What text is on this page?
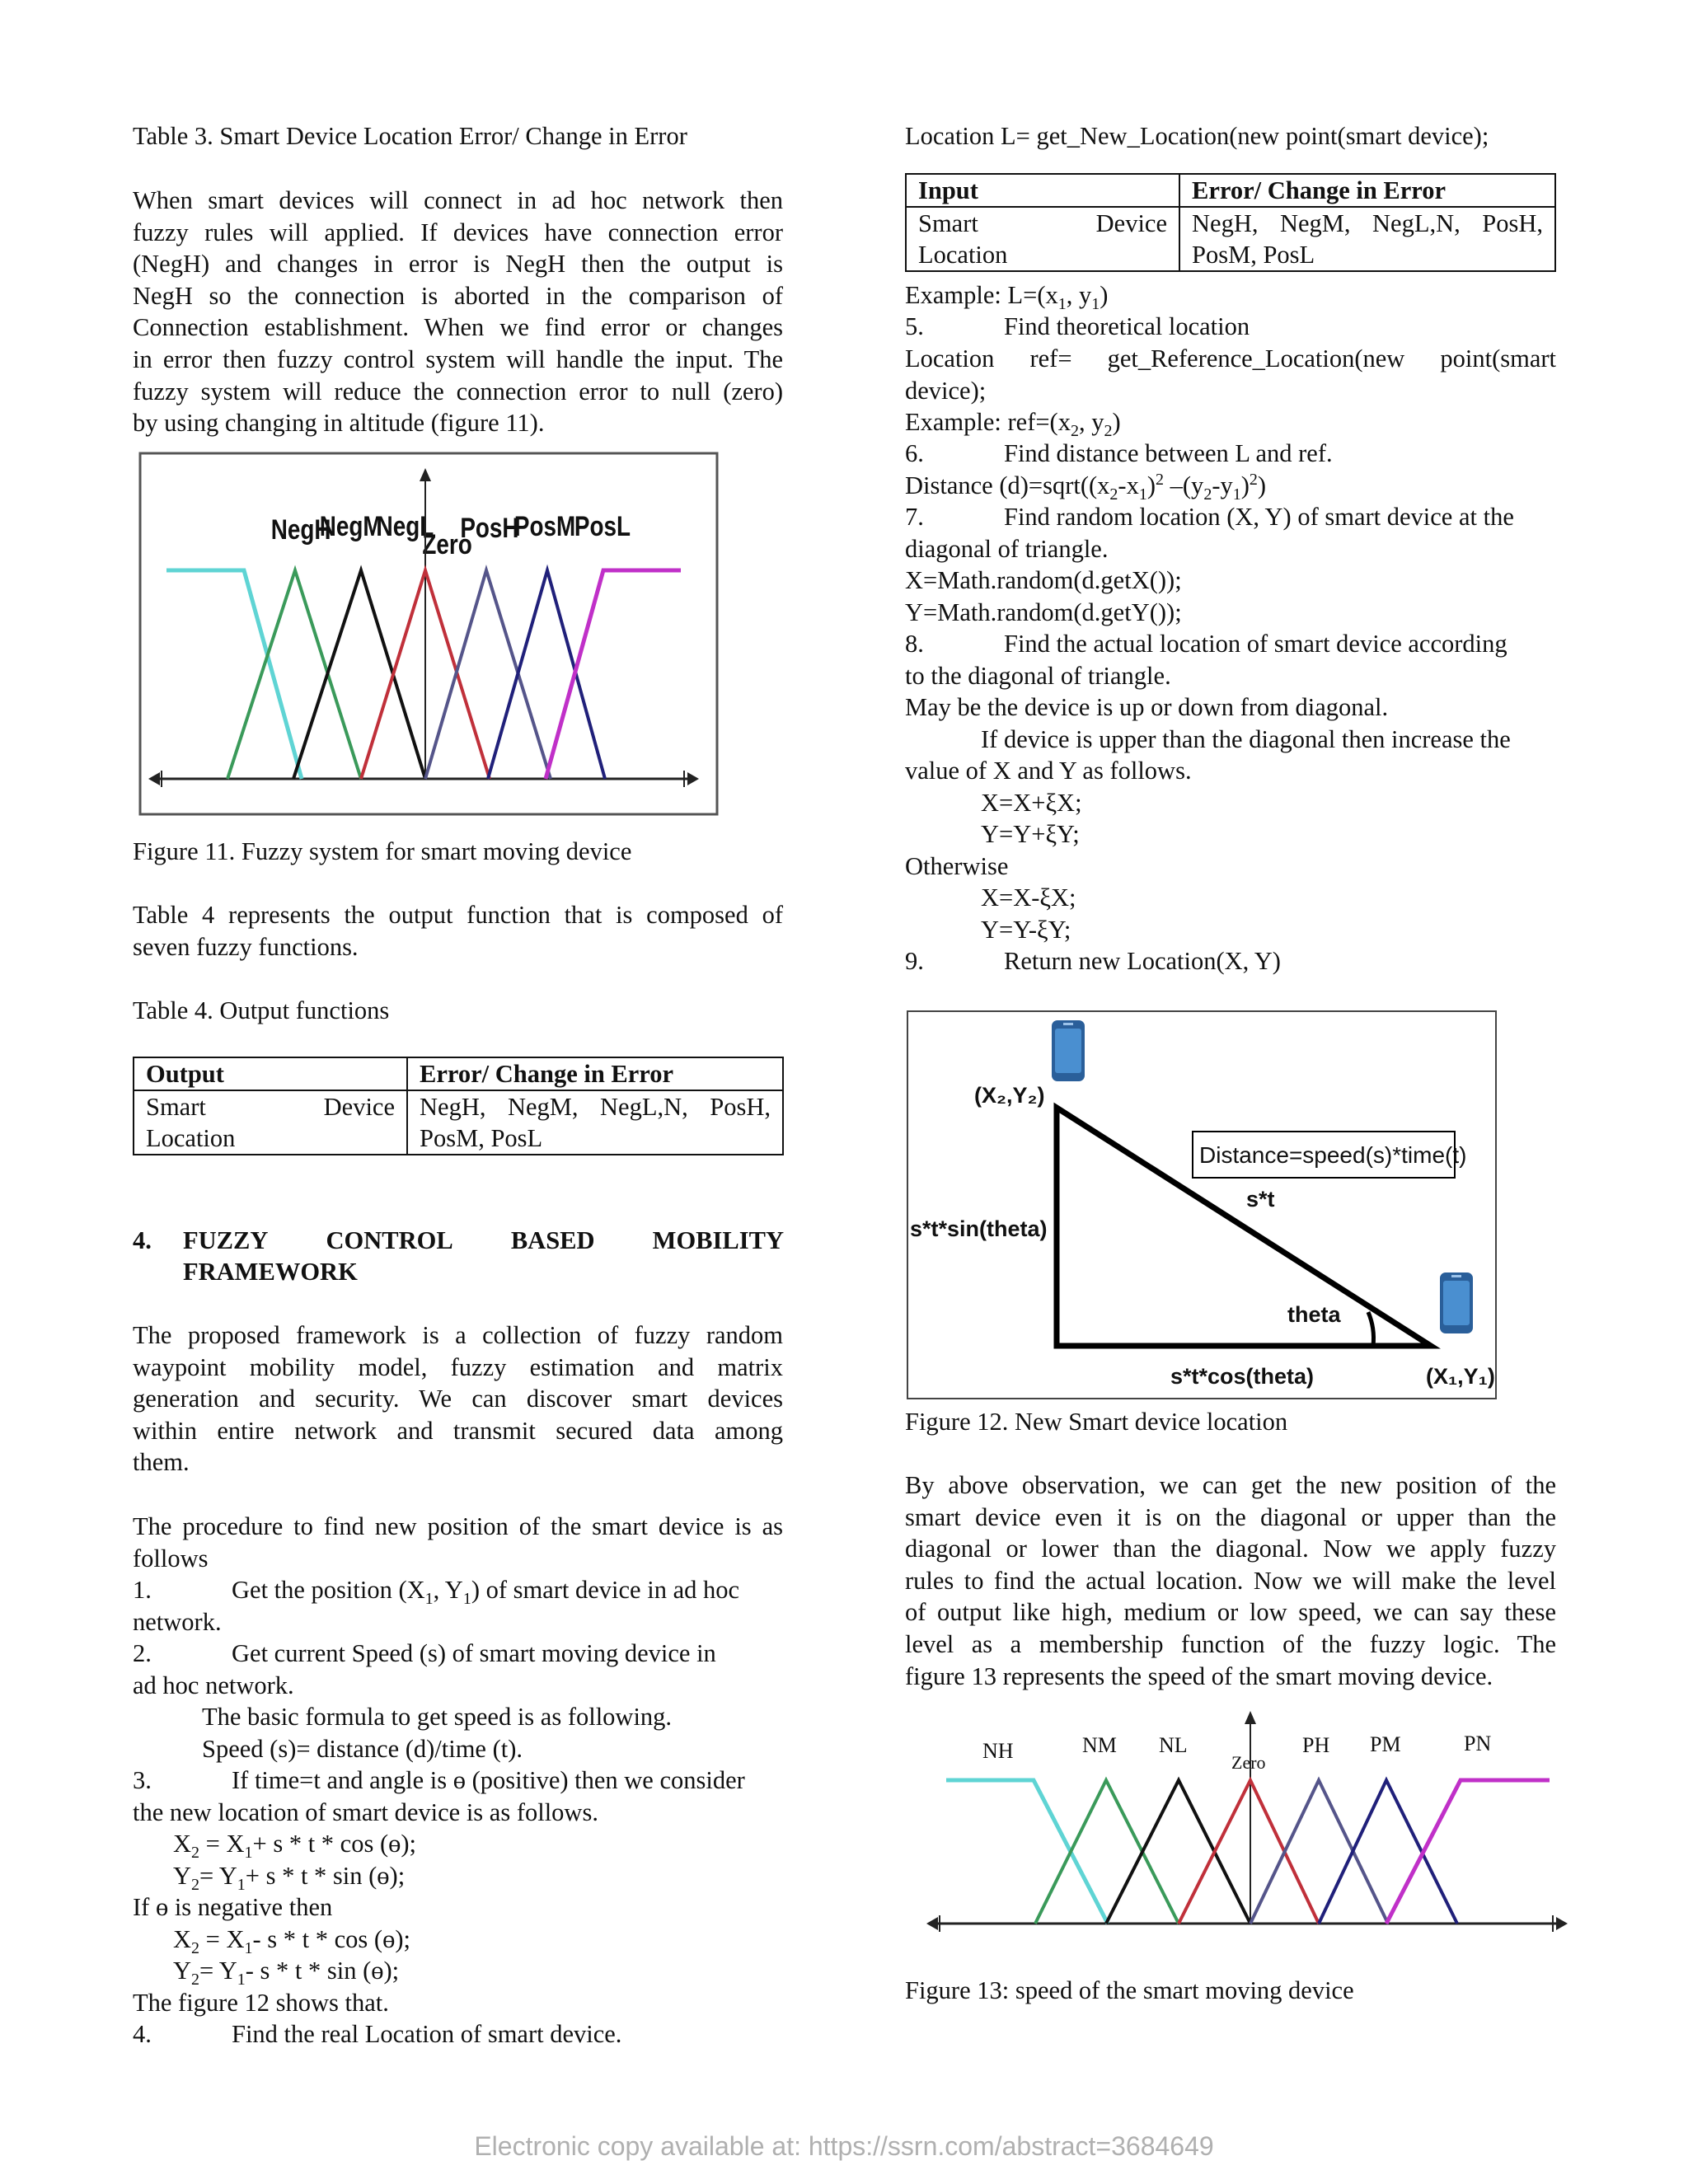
Table 3. Smart Device Location Error/ Change in Error
When smart devices will connect in ad hoc network then
fuzzy rules will applied. If devices have connection error
(NegH) and changes in error is NegH then the output is
NegH so the connection is aborted in the comparison of
Connection establishment. When we find error or changes
in error then fuzzy control system will handle the input. The
fuzzy system will reduce the connection error to null (zero)
by using changing in altitude (figure 11).
NegH
NegM
NegL
Zero
PosH
PosM
PosL
Figure 11. Fuzzy system for smart moving device
Table 4 represents the output function that is composed of
seven fuzzy functions.
Table 4. Output functions
Output	Error/ Change in Error

Smart Device
Location	NegH, NegM, NegL,N, PosH,
PosM, PosL
4. FUZZY CONTROL BASED MOBILITY
FRAMEWORK
The proposed framework is a collection of fuzzy random
waypoint mobility model, fuzzy estimation and matrix
generation and security. We can discover smart devices
within entire network and transmit secured data among
them.
The procedure to find new position of the smart device is as
follows
1.	Get the position ($X_1$, $Y_1$) of smart device in ad hoc
network.
2.	Get current Speed (s) of smart moving device in
ad hoc network.
The basic formula to get speed is as following.
Speed (s)= distance (d)/time (t).
3.	If time=t and angle is ɵ (positive) then we consider
the new location of smart device is as follows.
$X_2 = X_1+ s * t * \cos$ (ɵ);
$Y_2= Y_1+ s * t * \sin$ (ɵ);
If ɵ is negative then
$X_2 = X_1-$ s * t * cos (ɵ);
$Y_2= Y_1-$ s * t * sin (ɵ);
The figure 12 shows that.
4.	Find the real Location of smart device.
Location L= get_New_Location(new point(smart device);
Input	Error/ Change in Error

Smart Device
Location	NegH, NegM, NegL,N, PosH,
PosM, PosL
Example: $L=(x_1$, $y_1$)
5.	Find theoretical location
Location ref= get_Reference_Location(new point(smart
device);
Example: $ref=(x_2$, $y_2$)
6.	Find distance between L and ref.
Distance $(d)=sqrt((x_2-x_1)^2$ $-(y_2-y_1)^2$)
7.	Find random location (X, Y) of smart device at the
diagonal of triangle.
X=Math.random(d.getX());
Y=Math.random(d.getY());
8.	Find the actual location of smart device according
to the diagonal of triangle.
May be the device is up or down from diagonal.
If device is upper than the diagonal then increase the
value of X and Y as follows.
X=X+ξX;
Y=Y+ξY;
Otherwise
X=X-ξX;
Y=Y-ξY;
9.	Return new Location(X, Y)
(X₂,Y₂)
Distance=speed(s)*time(t)
s*t
s*t*sin(theta)
theta
s*t*cos(theta)	(X₁,Y₁)
Figure 12. New Smart device location
By above observation, we can get the new position of the
smart device even it is on the diagonal or upper than the
diagonal or lower than the diagonal. Now we apply fuzzy
rules to find the actual location. Now we will make the level
of output like high, medium or low speed, we can say these
level as a membership function of the fuzzy logic. The
figure 13 represents the speed of the smart moving device.
NH	NM NL
Zero
PH PM	PN
Figure 13: speed of the smart moving device
Electronic copy available at: https://ssrn.com/abstract=3684649
